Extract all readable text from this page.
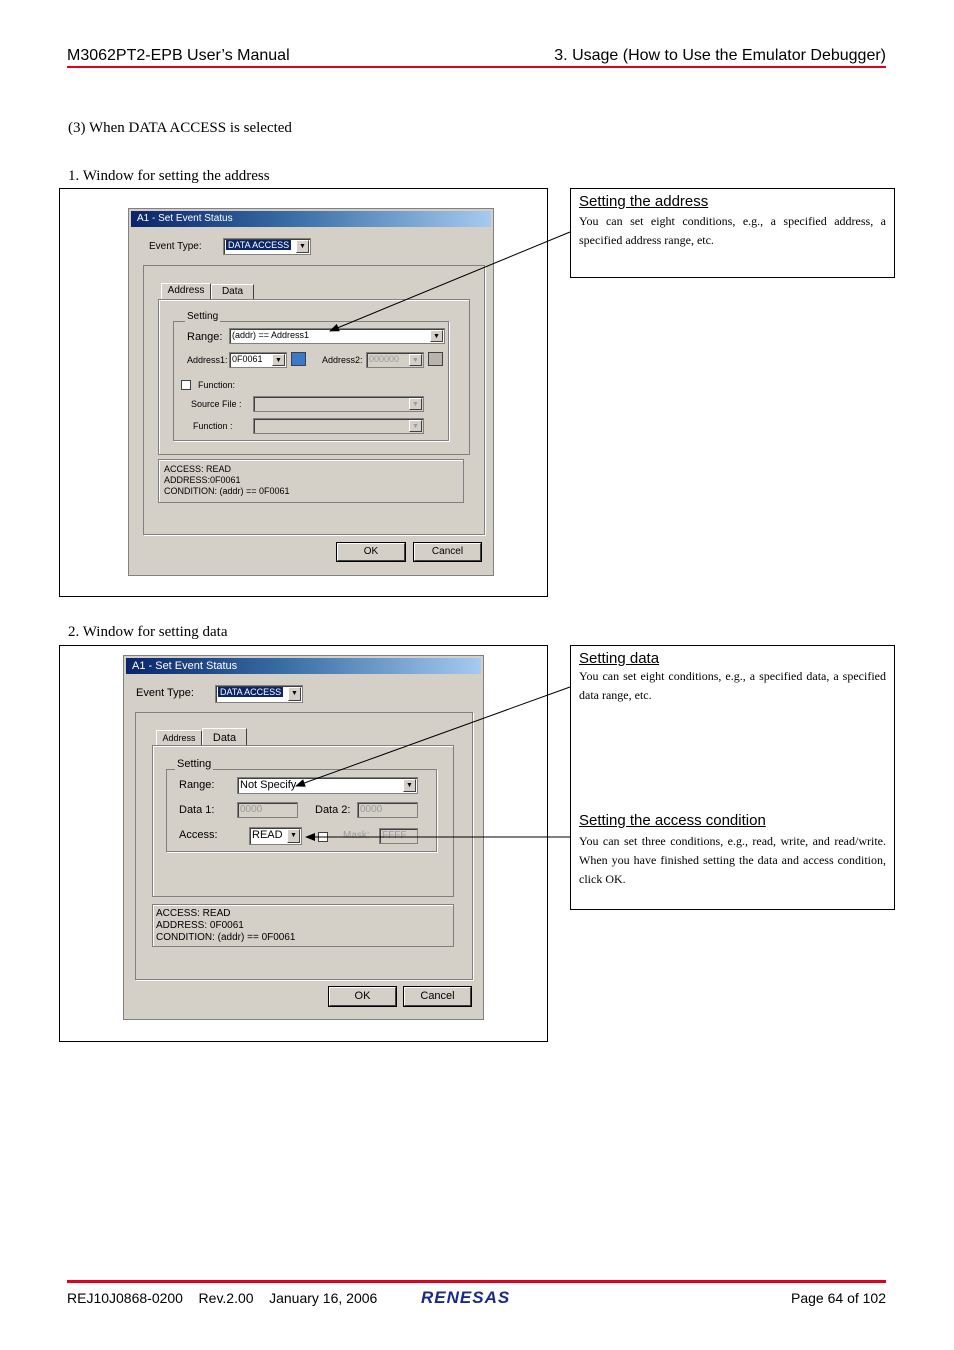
M3062PT2-EPB User’s Manual	3. Usage (How to Use the Emulator Debugger)
(3) When DATA ACCESS is selected
1. Window for setting the address
Setting the address
You can set eight conditions, e.g., a specified address, a specified address range, etc.
A1 - Set Event Status
Event Type:	DATA ACCESS	▼
Address	Data
Setting
Range:	(addr) == Address1	▼
Address1: 0F0061	▼	Address2: 000000	▼
Function:
Source File :	▼
Function :	▼
ACCESS: READ
ADDRESS:0F0061
CONDITION: (addr) == 0F0061
OK	Cancel
2. Window for setting data
Setting data
You can set eight conditions, e.g., a specified data, a specified data range, etc.
Setting the access condition
You can set three conditions, e.g., read, write, and read/write. When you have finished setting the data and access condition, click OK.
A1 - Set Event Status
Event Type:	DATA ACCESS	▼
Address	Data
Setting
Range: Not Specify	▼
Data 1:	0000	Data 2: 0000
Access:	READ	▼	Mask:	FFFF
ACCESS: READ
ADDRESS: 0F0061
CONDITION: (addr) == 0F0061
OK	Cancel
REJ10J0868-0200 Rev.2.00 January 16, 2006	RENESAS	Page 64 of 102
